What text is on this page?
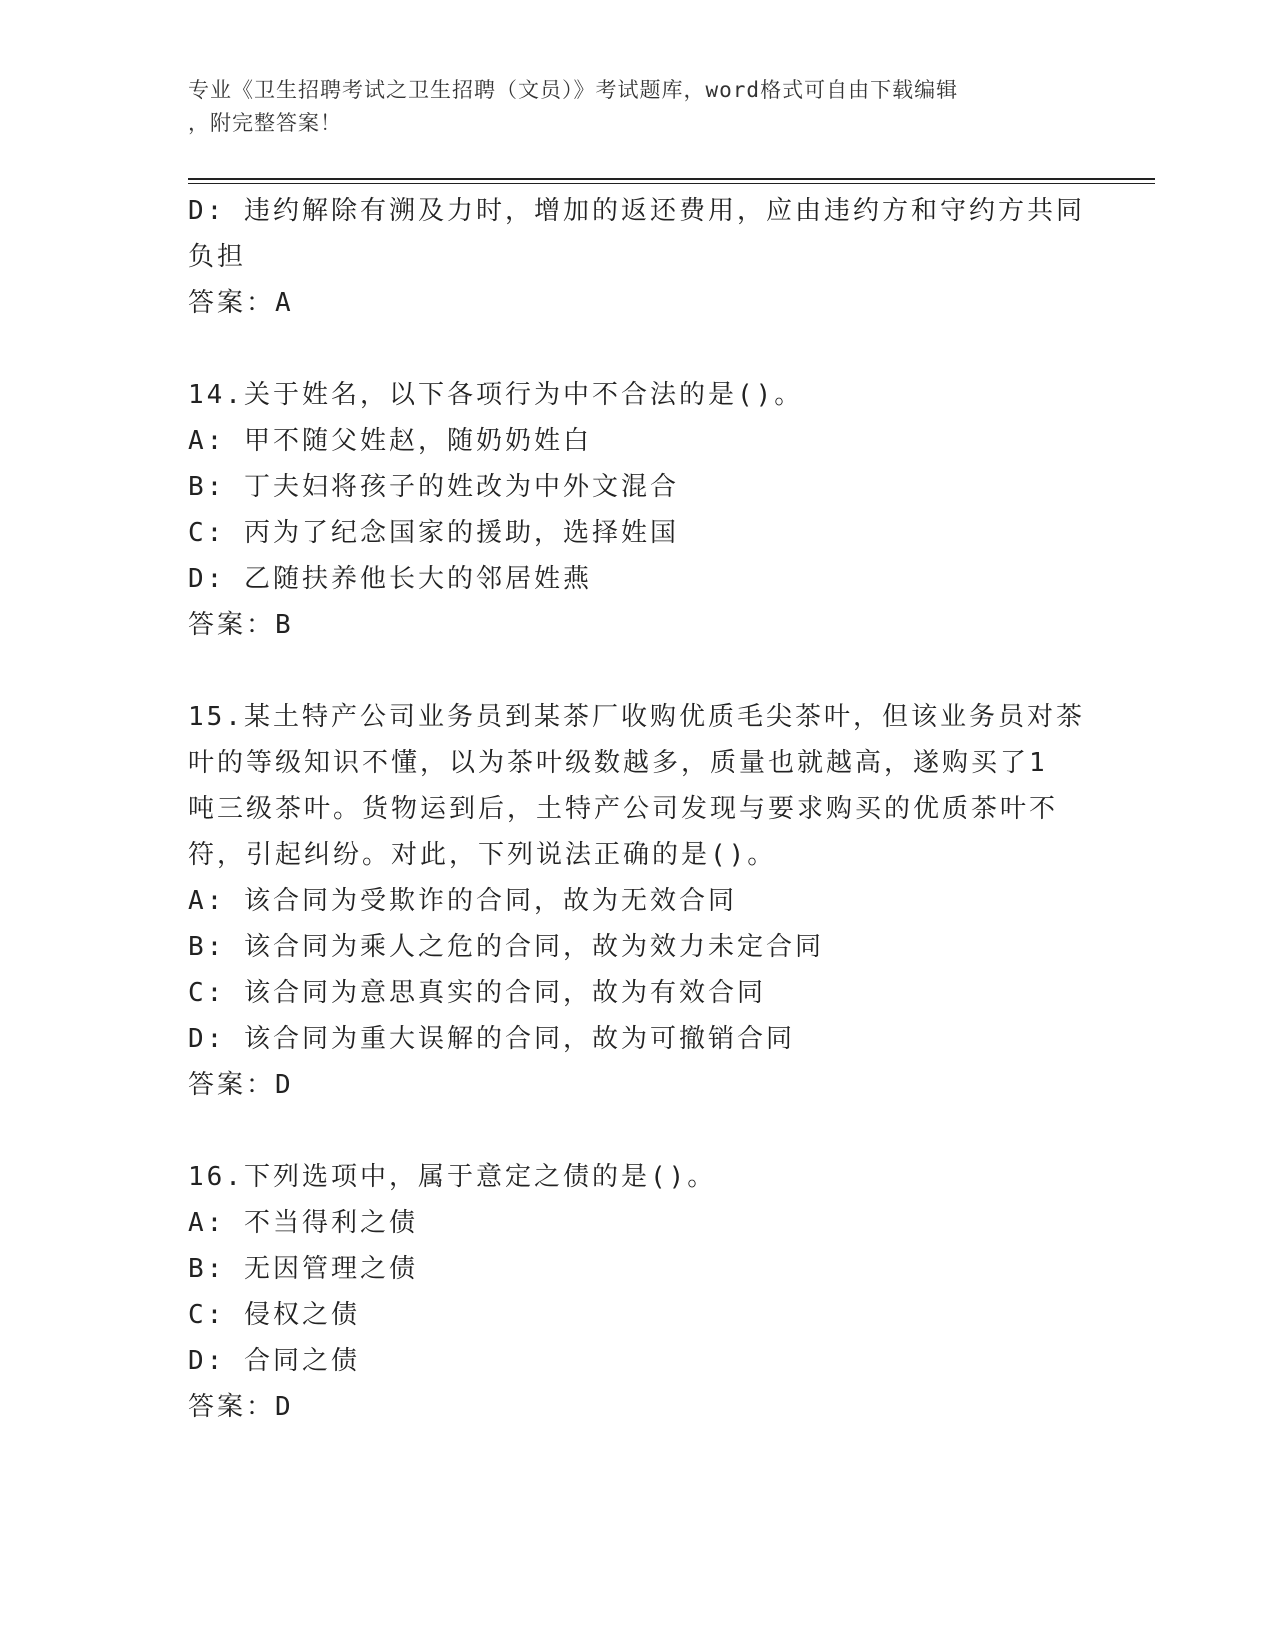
专业《卫生招聘考试之卫生招聘（文员）》考试题库，word格式可自由下载编辑
，附完整答案！
D: 违约解除有溯及力时，增加的返还费用，应由违约方和守约方共同
负担
答案：A
14.关于姓名，以下各项行为中不合法的是()。
A: 甲不随父姓赵，随奶奶姓白
B: 丁夫妇将孩子的姓改为中外文混合
C: 丙为了纪念国家的援助，选择姓国
D: 乙随扶养他长大的邻居姓燕
答案：B
15.某土特产公司业务员到某茶厂收购优质毛尖茶叶，但该业务员对茶
叶的等级知识不懂，以为茶叶级数越多，质量也就越高，遂购买了1
吨三级茶叶。货物运到后，土特产公司发现与要求购买的优质茶叶不
符，引起纠纷。对此，下列说法正确的是()。
A: 该合同为受欺诈的合同，故为无效合同
B: 该合同为乘人之危的合同，故为效力未定合同
C: 该合同为意思真实的合同，故为有效合同
D: 该合同为重大误解的合同，故为可撤销合同
答案：D
16.下列选项中，属于意定之债的是()。
A: 不当得利之债
B: 无因管理之债
C: 侵权之债
D: 合同之债
答案：D
